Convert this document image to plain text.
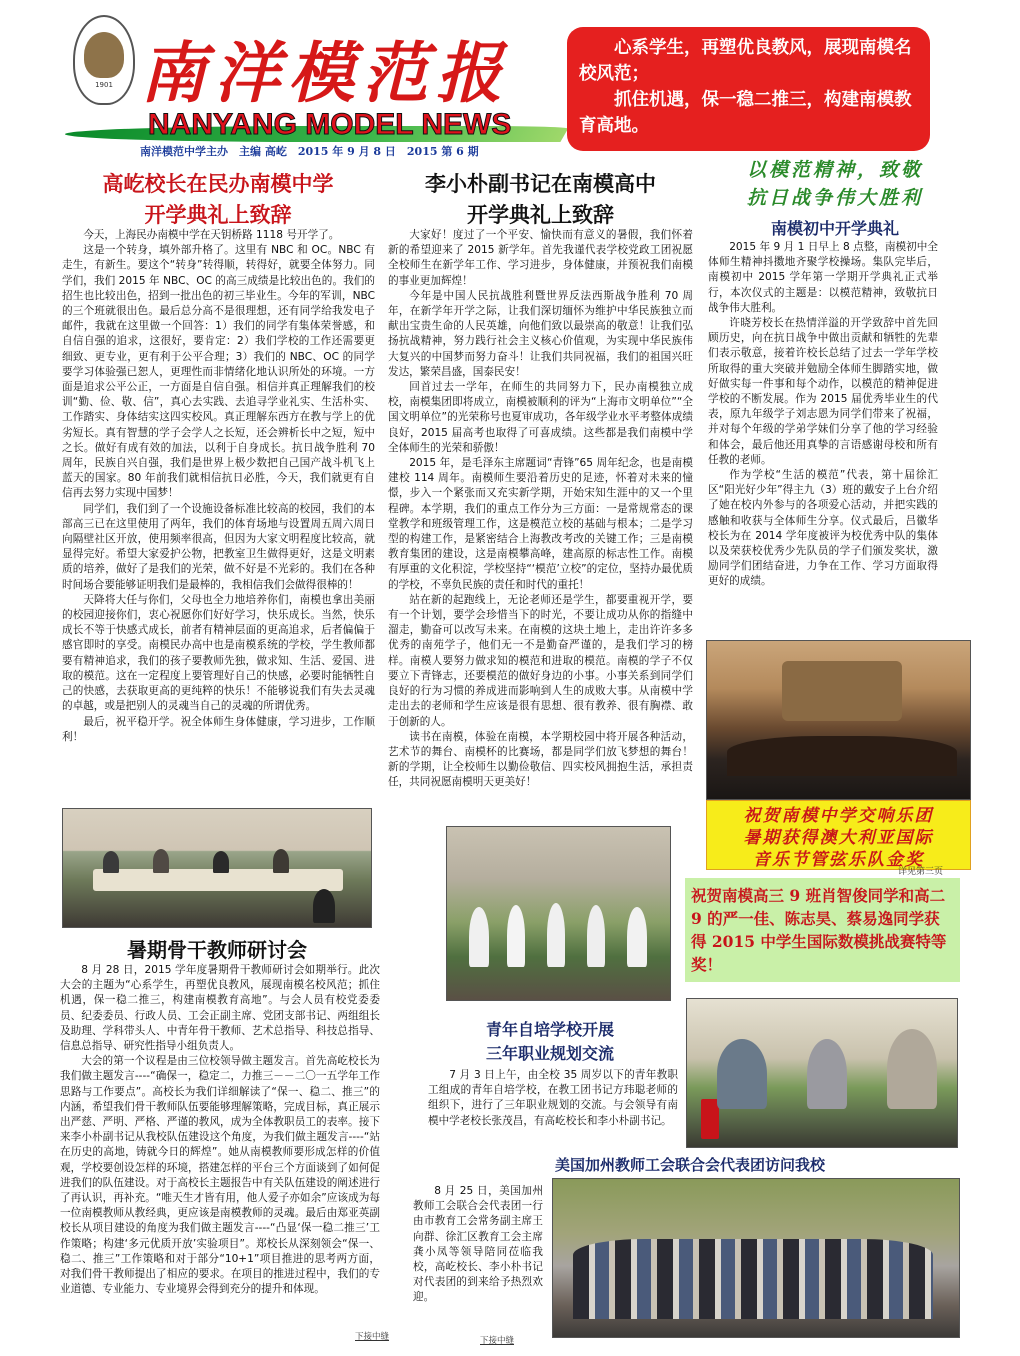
1901 南洋模范报
NANYANG MODEL NEWS
南洋模范中学主办　主编 高屹　2015 年 9 月 8 日　2015 第 6 期

心系学生，再塑优良教风，展现南模名校风范；

抓住机遇，保一稳二推三，构建南模教育高地。

高屹校长在民办南模中学
开学典礼上致辞

今天，上海民办南模中学在天钥桥路 1118 号开学了。

这是一个转身，填外部升格了。这里有 NBC 和 OC。NBC 有走生，有新生。要这个“转身”转得顺，转得好，就要全体努力。同学们，我们 2015 年 NBC、OC 的高三成绩是比较出色的。我们的招生也比较出色，招到一批出色的初三毕业生。今年的军训，NBC 的三个班就很出色。最后总分高不是很理想，还有同学给我发电子邮件，我就在这里做一个回答：1）我们的同学有集体荣誉感，和自信自强的追求，这很好，要肯定：2）我们学校的工作还需要更细致、更专业，更有利于公平合理；3）我们的 NBC、OC 的同学要学习体验强已恕人，更理性而非情绪化地认识所处的环境。一方面是追求公平公正，一方面是自信自强。相信并真正理解我们的校训“勤、俭、敬、信”，真心去实践、去追寻学业礼实、生活朴实、工作踏实、身体结实这四实校风。真正理解东西方在教与学上的优劣短长。真有智慧的学子会学人之长短，还会辨析长中之短，短中之长。做好有成有效的加法，以利于自身成长。抗日战争胜利 70 周年，民族自兴自强，我们是世界上极少数把自己国产战斗机飞上蓝天的国家。80 年前我们就相信抗日必胜，今天，我们就更有自信再去努力实现中国梦！

同学们，我们到了一个设施设备标准比较高的校园，我们的本部高三已在这里使用了两年，我们的体育场地与设置周五周六周日向隔壁社区开放，使用频率很高，但因为大家文明程度比较高，就显得完好。希望大家爱护公物，把教室卫生做得更好，这是文明素质的培养，做好了是我们的光荣，做不好是不光彩的。我们在各种时间场合要能够证明我们是最棒的，我相信我们会做得很棒的！

天降将大任与你们，父母也全力地培养你们，南模也拿出美丽的校园迎接你们，衷心祝愿你们好好学习，快乐成长。当然，快乐成长不等于快感式成长，前者有精神层面的更高追求，后者偏偏于感官即时的享受。南模民办高中也是南模系统的学校，学生教师都要有精神追求，我们的孩子要教师先独，做求知、生活、爱国、进取的模范。这在一定程度上要管理好自己的快感，必要时能牺牲自己的快感，去获取更高的更纯粹的快乐！不能够说我们有失去灵魂的卓越，或是把别人的灵魂当自己的灵魂的所谓优秀。

最后，祝平稳开学。祝全体师生身体健康，学习进步，工作顺利！

李小朴副书记在南模高中
开学典礼上致辞

大家好！度过了一个平安、愉快而有意义的暑假，我们怀着新的希望迎来了 2015 新学年。首先我谨代表学校党政工团祝愿全校师生在新学年工作、学习进步，身体健康，并预祝我们南模的事业更加辉煌！

今年是中国人民抗战胜利暨世界反法西斯战争胜利 70 周年，在新学年开学之际，让我们深切缅怀为维护中华民族独立而献出宝贵生命的人民英雄，向他们致以最崇高的敬意！让我们弘扬抗战精神，努力践行社会主义核心价值观，为实现中华民族伟大复兴的中国梦而努力奋斗！让我们共同祝福，我们的祖国兴旺发达，繁荣昌盛，国泰民安！

回首过去一学年，在师生的共同努力下，民办南模独立成校，南模集团即将成立，南模被顺利的评为“上海市文明单位”“全国文明单位”的光荣称号也夏审成功，各年级学业水平考整体成绩良好，2015 届高考也取得了可喜成绩。这些都是我们南模中学全体师生的光荣和骄傲！

2015 年，是毛泽东主席题词“青锋”65 周年纪念，也是南模建校 114 周年。南模师生要沿着历史的足迹，怀着对未来的憧憬，步入一个紧张而又充实新学期，开始宋知生涯中的又一个里程碑。本学期，我们的重点工作分为三方面：一是常规常态的课堂教学和班级管理工作，这是模范立校的基础与根本；二是学习型的构建工作，是紧密结合上海教改考改的关键工作；三是南模教育集团的建设，这是南模攀高峰，建高原的标志性工作。南模有厚重的文化积淀，学校坚持“‘模范’立校”的定位，坚持办最优质的学校，不辜负民族的责任和时代的重托！

站在新的起跑线上，无论老师还是学生，都要重视开学，要有一个计划，要学会珍惜当下的时光，不要让成功从你的指缝中溜走，勤奋可以改写未来。在南模的这块土地上，走出许许多多优秀的南苑学子，他们无一不是勤奋严谨的，是我们学习的榜样。南模人要努力做求知的模范和进取的模范。南模的学子不仅要立下青锋志，还要模范的做好身边的小事。小事关系到同学们良好的行为习惯的养成进而影响到人生的成败大事。从南模中学走出去的老师和学生应该是很有思想、很有教养、很有胸襟、敢于创新的人。

读书在南模，体验在南模，本学期校园中将开展各种活动，艺术节的舞台、南模杯的比赛场，都是同学们放飞梦想的舞台！新的学期，让全校师生以勤俭敬信、四实校风拥抱生活，承担责任，共同祝愿南模明天更美好！

以模范精神，致敬
抗日战争伟大胜利
南模初中开学典礼

2015 年 9 月 1 日早上 8 点整，南模初中全体师生精神抖擞地齐聚学校操场。集队完毕后，南模初中 2015 学年第一学期开学典礼正式举行，本次仪式的主题是：以模范精神，致敬抗日战争伟大胜利。

许晓芳校长在热情洋溢的开学致辞中首先回顾历史，向在抗日战争中做出贡献和牺牲的先辈们表示敬意，接着许校长总结了过去一学年学校所取得的重大突破并勉励全体师生脚踏实地，做好做实每一件事和每个动作，以模范的精神促进学校的不断发展。作为 2015 届优秀毕业生的代表，原九年级学子刘志恩为同学们带来了祝福，并对每个年级的学弟学妹们分享了他的学习经验和体会，最后他还用真挚的言语感谢母校和所有任教的老师。

作为学校“生活的模范”代表，第十届徐汇区“阳光好少年”得主九（3）班的戴安子上台介绍了她在校内外参与的各项爱心活动，并把实践的感触和收获与全体师生分享。仪式最后，吕徽华校长为在 2014 学年度被评为校优秀中队的集体以及荣获校优秀少先队员的学子们颁发奖状，激励同学们团结奋进，力争在工作、学习方面取得更好的成绩。

祝贺南模中学交响乐团
暑期获得澳大利亚国际
音乐节管弦乐队金奖
详见第三页
祝贺南模高三 9 班肖智俊同学和高二 9 的严一佳、陈志昊、蔡易逸同学获得 2015 中学生国际数模挑战赛特等奖！
暑期骨干教师研讨会

8 月 28 日，2015 学年度暑期骨干教师研讨会如期举行。此次大会的主题为“心系学生，再塑优良教风，展现南模名校风范；抓住机遇，保一稳二推三，构建南模教育高地”。与会人员有校党委委员、纪委委员、行政人员、工会正副主席、党团支部书记、两组组长及助理、学科带头人、中青年骨干教师、艺术总指导、科技总指导、信息总指导、研究性指导小组负责人。

大会的第一个议程是由三位校领导做主题发言。首先高屹校长为我们做主题发言----“确保一，稳定二，力推三－－二〇一五学年工作思路与工作要点”。高校长为我们详细解读了“保一、稳二、推三”的内涵，希望我们骨干教师队伍要能够理解策略，完成目标，真正展示出严慈、严明、严格、严谨的教风，成为全体教职员工的表率。接下来李小朴副书记从我校队伍建设这个角度，为我们做主题发言----“站在历史的高地，铸就今日的辉煌”。她从南模教师要形成怎样的价值观，学校要创设怎样的环境，搭建怎样的平台三个方面谈到了如何促进我们的队伍建设。对于高校长主题报告中有关队伍建设的阐述进行了再认识，再补充。“唯天生才皆有用，他人爱子亦如余”应该成为每一位南模教师从教经典，更应该是南模教师的灵魂。最后由郑亚英副校长从项目建设的角度为我们做主题发言----“凸显‘保一稳二推三’工作策略；构建‘多元优质开放’实验项目”。郑校长从深刻领会“保一、稳二、推三”工作策略和对于部分“10+1”项目推进的思考两方面，对我们骨干教师提出了相应的要求。在项目的推进过程中，我们的专业道德、专业能力、专业境界会得到充分的提升和体现。

下接中缝
青年自培学校开展
三年职业规划交流

7 月 3 日上午，由全校 35 周岁以下的青年教职工组成的青年自培学校，在教工团书记方玮聪老师的组织下，进行了三年职业规划的交流。与会领导有南模中学老校长张茂昌，有高屹校长和李小朴副书记。

美国加州教师工会联合会代表团访问我校

8 月 25 日，美国加州教师工会联合会代表团一行由市教育工会常务副主席王向群、徐汇区教育工会主席龚小凤等领导陪同莅临我校，高屹校长、李小朴书记对代表团的到来给予热烈欢迎。

下接中缝
